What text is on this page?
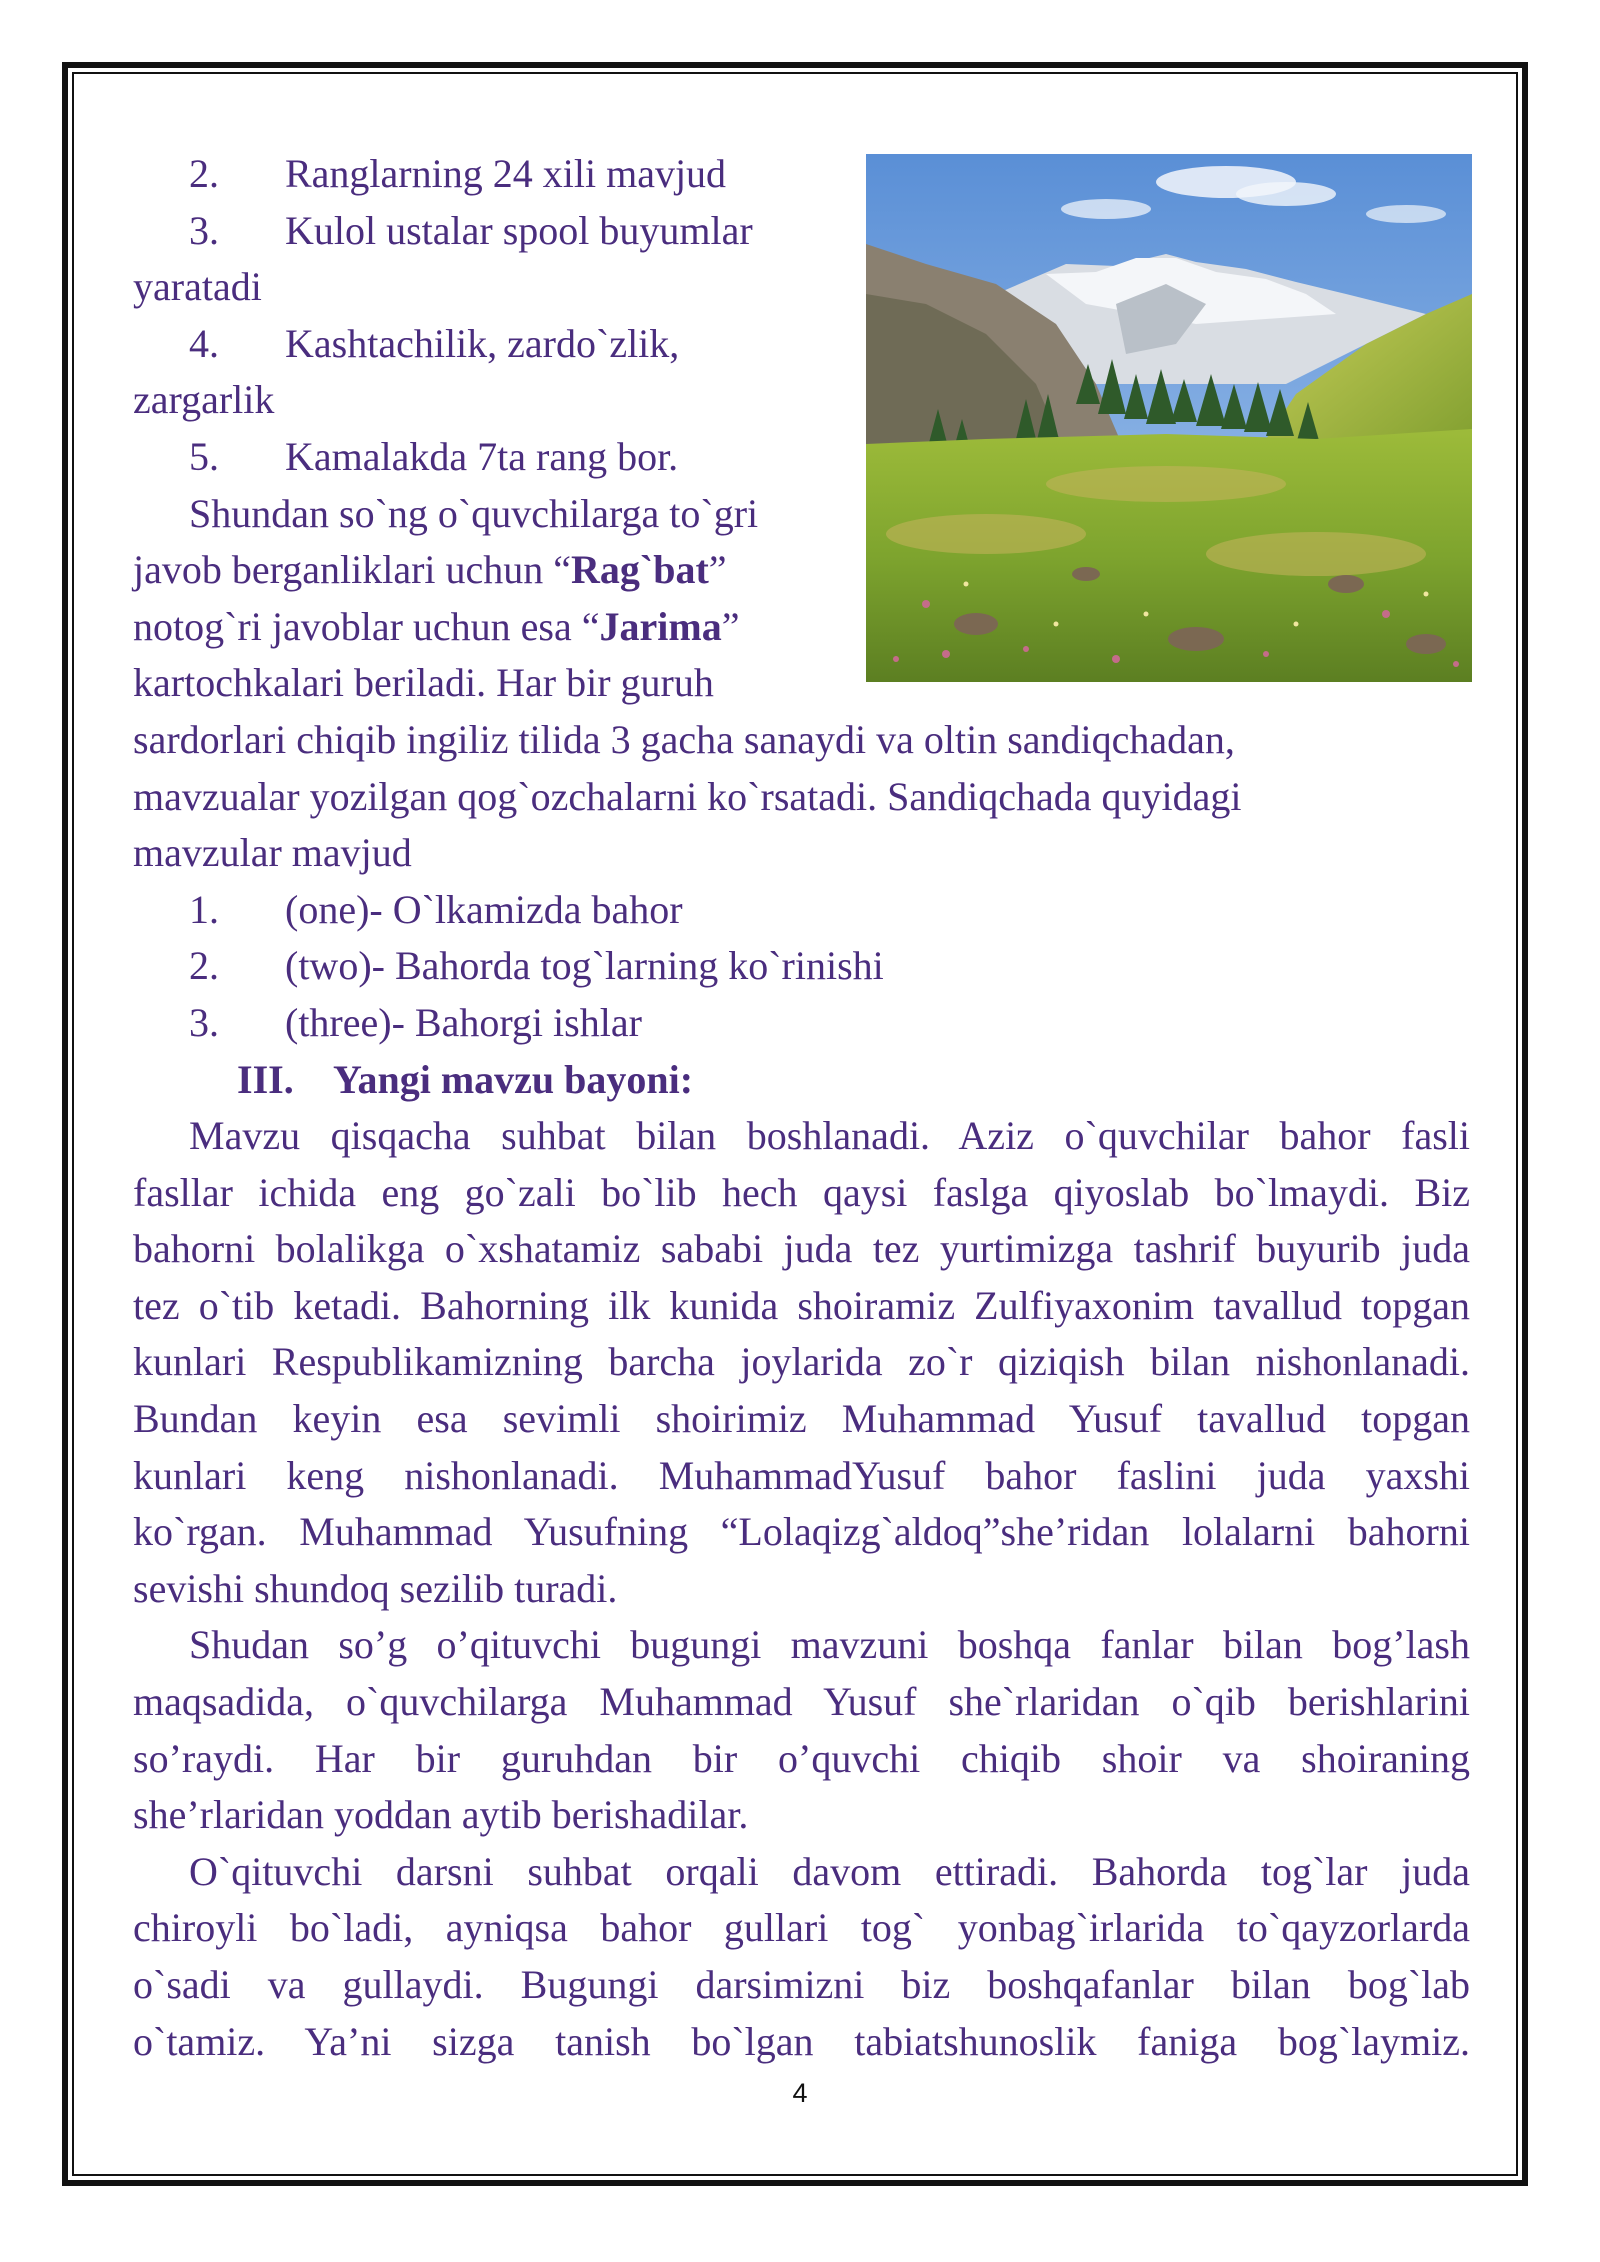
2. Ranglarning 24 xili mavjud
3. Kulol ustalar spool buyumlar
yaratadi
4. Kashtachilik, zardo`zlik,
zargarlik
5. Kamalakda 7ta rang bor.
Shundan so`ng o`quvchilarga to`gri
javob berganliklari uchun “Rag`bat”
notog`ri javoblar uchun esa “Jarima”
kartochkalari beriladi. Har bir guruh
sardorlari chiqib ingiliz tilida 3 gacha sanaydi va oltin sandiqchadan,
mavzualar yozilgan qog`ozchalarni ko`rsatadi. Sandiqchada quyidagi
mavzular mavjud
1. (one)- O`lkamizda bahor
2. (two)- Bahorda tog`larning ko`rinishi
3. (three)- Bahorgi ishlar
III. Yangi mavzu bayoni:
Mavzu qisqacha suhbat bilan boshlanadi. Aziz o`quvchilar bahor fasli
fasllar ichida eng go`zali bo`lib hech qaysi faslga qiyoslab bo`lmaydi. Biz
bahorni bolalikga o`xshatamiz sababi juda tez yurtimizga tashrif buyurib juda
tez o`tib ketadi. Bahorning ilk kunida shoiramiz Zulfiyaxonim tavallud topgan
kunlari Respublikamizning barcha joylarida zo`r qiziqish bilan nishonlanadi.
Bundan keyin esa sevimli shoirimiz Muhammad Yusuf tavallud topgan
kunlari keng nishonlanadi. MuhammadYusuf bahor faslini juda yaxshi
ko`rgan. Muhammad Yusufning “Lolaqizg`aldoq”she’ridan lolalarni bahorni
sevishi shundoq sezilib turadi.
Shudan so’g o’qituvchi bugungi mavzuni boshqa fanlar bilan bog’lash
maqsadida, o`quvchilarga Muhammad Yusuf she`rlaridan o`qib berishlarini
so’raydi. Har bir guruhdan bir o’quvchi chiqib shoir va shoiraning
she’rlaridan yoddan aytib berishadilar.
O`qituvchi darsni suhbat orqali davom ettiradi. Bahorda tog`lar juda
chiroyli bo`ladi, ayniqsa bahor gullari tog` yonbag`irlarida to`qayzorlarda
o`sadi va gullaydi. Bugungi darsimizni biz boshqafanlar bilan bog`lab
o`tamiz. Ya’ni sizga tanish bo`lgan tabiatshunoslik faniga bog`laymiz.
4
